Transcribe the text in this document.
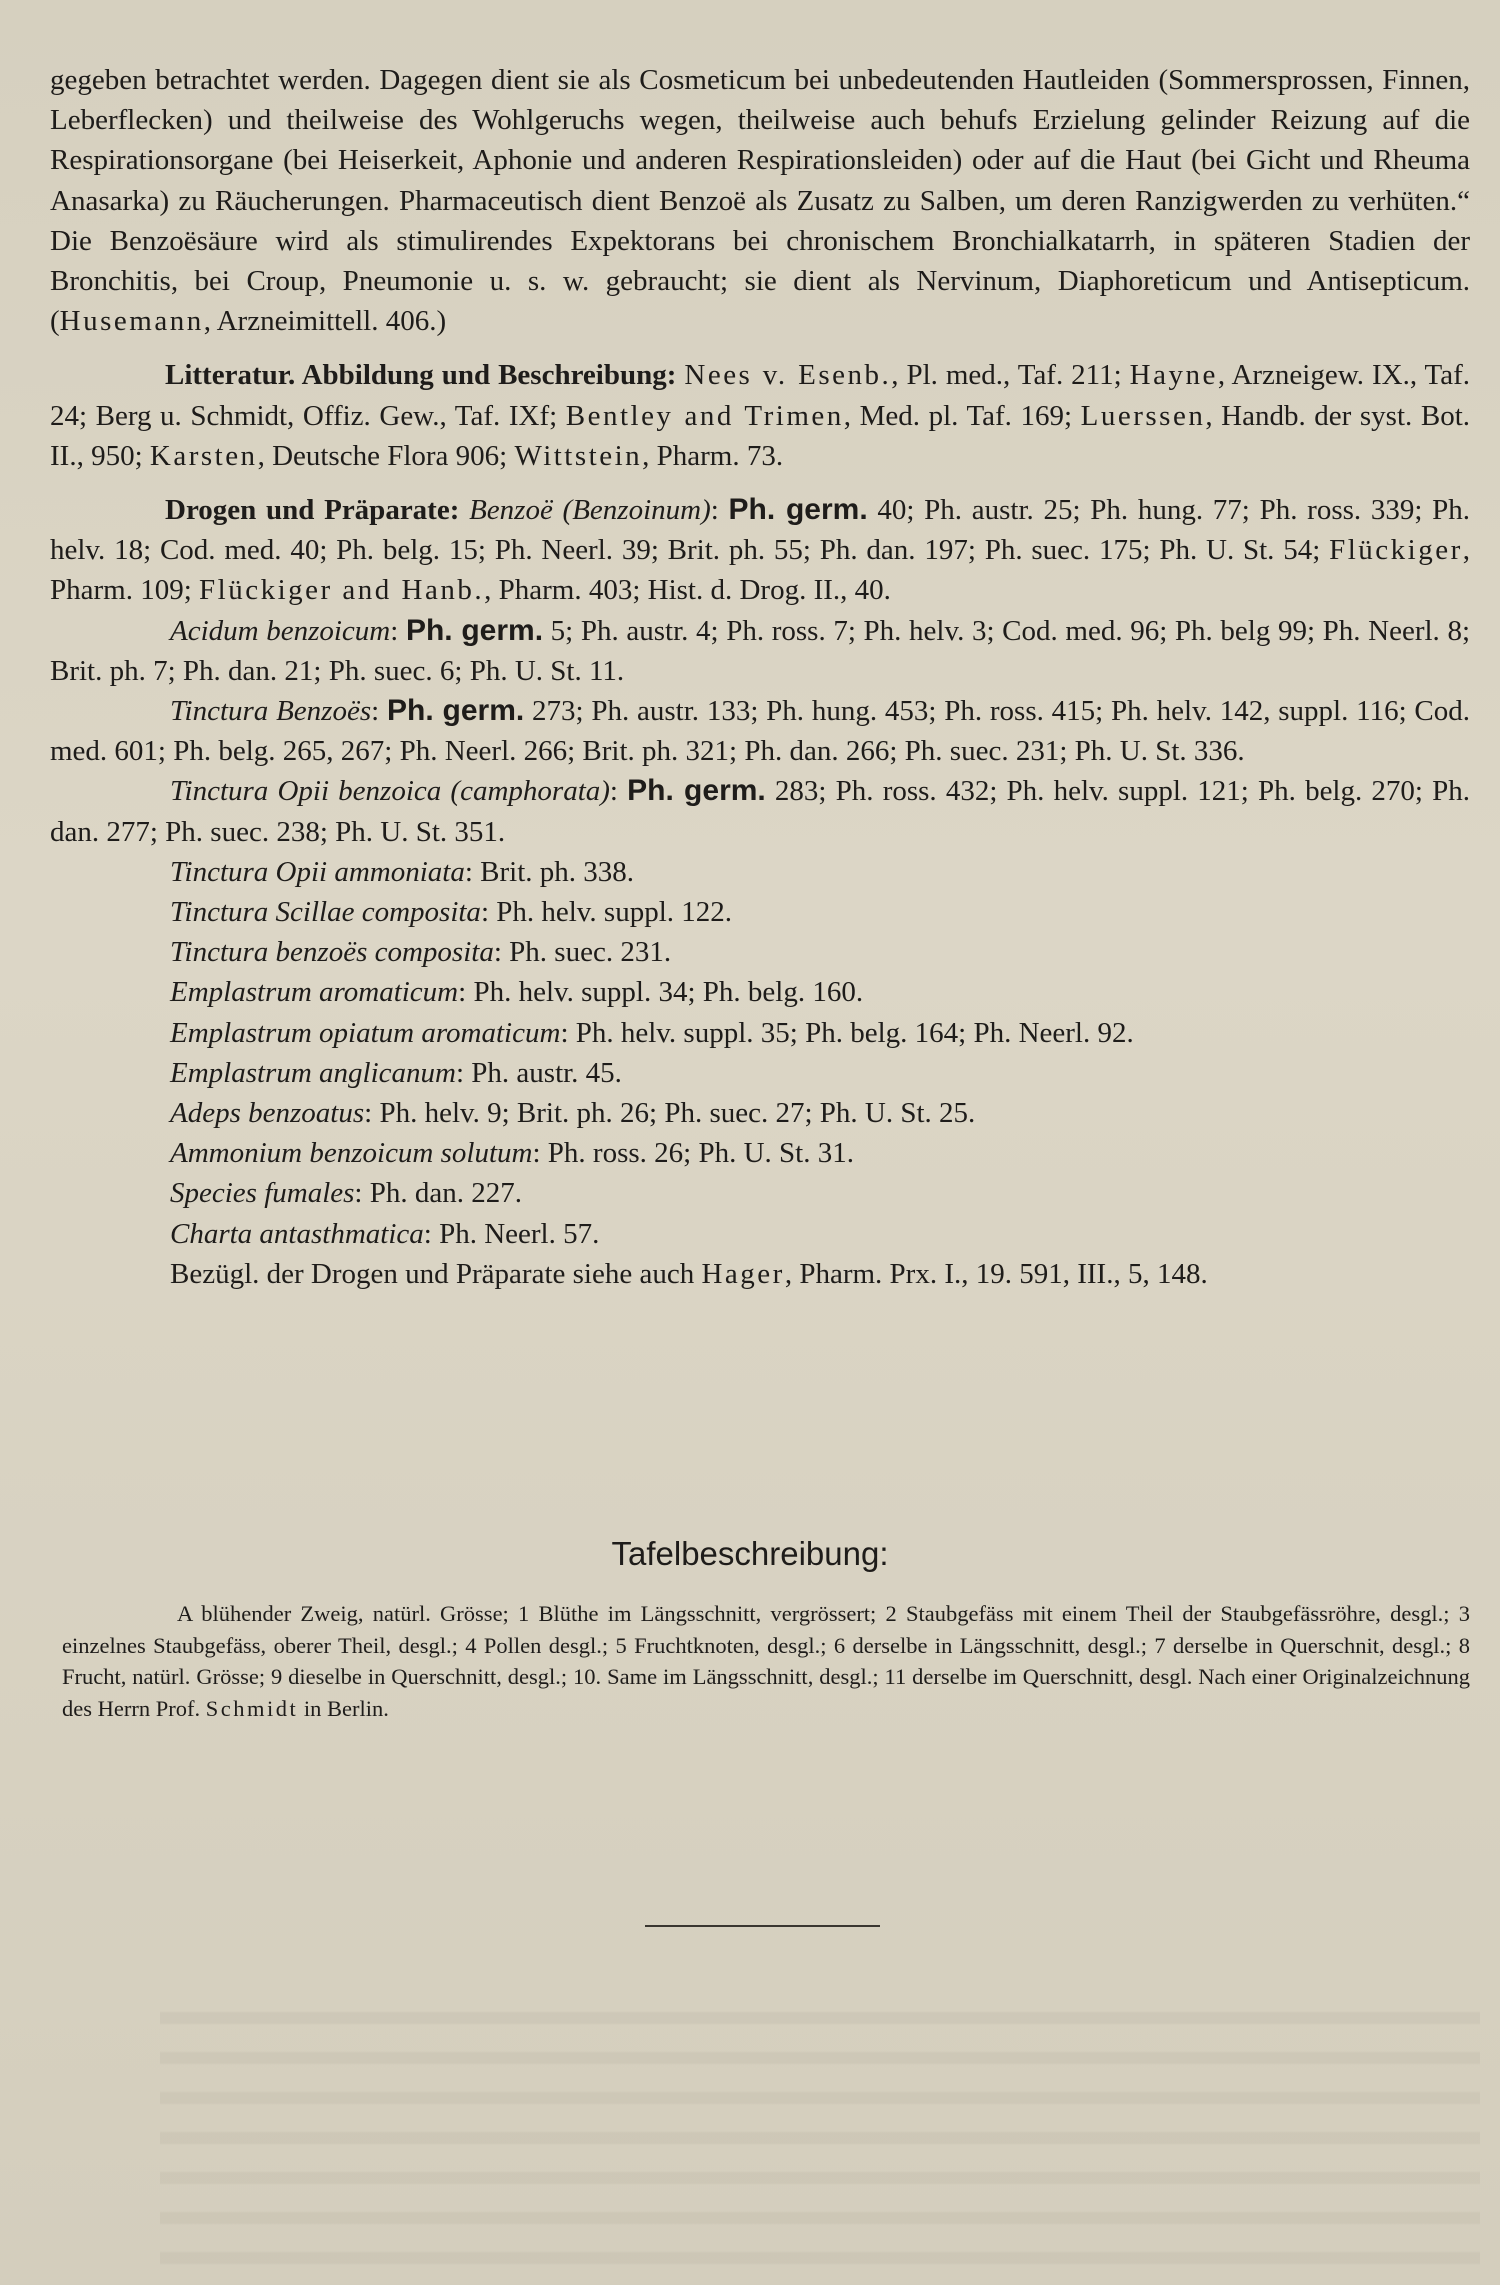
gegeben betrachtet werden. Dagegen dient sie als Cosmeticum bei unbedeutenden Hautleiden (Sommersprossen, Finnen, Leberflecken) und theilweise des Wohlgeruchs wegen, theilweise auch behufs Erzielung gelinder Reizung auf die Respirationsorgane (bei Heiserkeit, Aphonie und anderen Respirationsleiden) oder auf die Haut (bei Gicht und Rheuma Anasarka) zu Räucherungen. Pharmaceutisch dient Benzoë als Zusatz zu Salben, um deren Ranzigwerden zu verhüten.“ Die Benzoësäure wird als stimulirendes Expektorans bei chronischem Bronchialkatarrh, in späteren Stadien der Bronchitis, bei Croup, Pneumonie u. s. w. gebraucht; sie dient als Nervinum, Diaphoreticum und Antisepticum. (Husemann, Arzneimittell. 406.)

Litteratur. Abbildung und Beschreibung: Nees v. Esenb., Pl. med., Taf. 211; Hayne, Arzneigew. IX., Taf. 24; Berg u. Schmidt, Offiz. Gew., Taf. IXf; Bentley and Trimen, Med. pl. Taf. 169; Luerssen, Handb. der syst. Bot. II., 950; Karsten, Deutsche Flora 906; Wittstein, Pharm. 73.

Drogen und Präparate: Benzoë (Benzoinum): Ph. germ. 40; Ph. austr. 25; Ph. hung. 77; Ph. ross. 339; Ph. helv. 18; Cod. med. 40; Ph. belg. 15; Ph. Neerl. 39; Brit. ph. 55; Ph. dan. 197; Ph. suec. 175; Ph. U. St. 54; Flückiger, Pharm. 109; Flückiger and Hanb., Pharm. 403; Hist. d. Drog. II., 40.

Acidum benzoicum: Ph. germ. 5; Ph. austr. 4; Ph. ross. 7; Ph. helv. 3; Cod. med. 96; Ph. belg 99; Ph. Neerl. 8; Brit. ph. 7; Ph. dan. 21; Ph. suec. 6; Ph. U. St. 11.

Tinctura Benzoës: Ph. germ. 273; Ph. austr. 133; Ph. hung. 453; Ph. ross. 415; Ph. helv. 142, suppl. 116; Cod. med. 601; Ph. belg. 265, 267; Ph. Neerl. 266; Brit. ph. 321; Ph. dan. 266; Ph. suec. 231; Ph. U. St. 336.

Tinctura Opii benzoica (camphorata): Ph. germ. 283; Ph. ross. 432; Ph. helv. suppl. 121; Ph. belg. 270; Ph. dan. 277; Ph. suec. 238; Ph. U. St. 351.

Tinctura Opii ammoniata: Brit. ph. 338.

Tinctura Scillae composita: Ph. helv. suppl. 122.

Tinctura benzoës composita: Ph. suec. 231.

Emplastrum aromaticum: Ph. helv. suppl. 34; Ph. belg. 160.

Emplastrum opiatum aromaticum: Ph. helv. suppl. 35; Ph. belg. 164; Ph. Neerl. 92.

Emplastrum anglicanum: Ph. austr. 45.

Adeps benzoatus: Ph. helv. 9; Brit. ph. 26; Ph. suec. 27; Ph. U. St. 25.

Ammonium benzoicum solutum: Ph. ross. 26; Ph. U. St. 31.

Species fumales: Ph. dan. 227.

Charta antasthmatica: Ph. Neerl. 57.

Bezügl. der Drogen und Präparate siehe auch Hager, Pharm. Prx. I., 19. 591, III., 5, 148.

Tafelbeschreibung:
A blühender Zweig, natürl. Grösse; 1 Blüthe im Längsschnitt, vergrössert; 2 Staubgefäss mit einem Theil der Staubgefässröhre, desgl.; 3 einzelnes Staubgefäss, oberer Theil, desgl.; 4 Pollen desgl.; 5 Fruchtknoten, desgl.; 6 derselbe in Längsschnitt, desgl.; 7 derselbe in Querschnit, desgl.; 8 Frucht, natürl. Grösse; 9 dieselbe in Querschnitt, desgl.; 10. Same im Längsschnitt, desgl.; 11 derselbe im Querschnitt, desgl. Nach einer Originalzeichnung des Herrn Prof. Schmidt in Berlin.
